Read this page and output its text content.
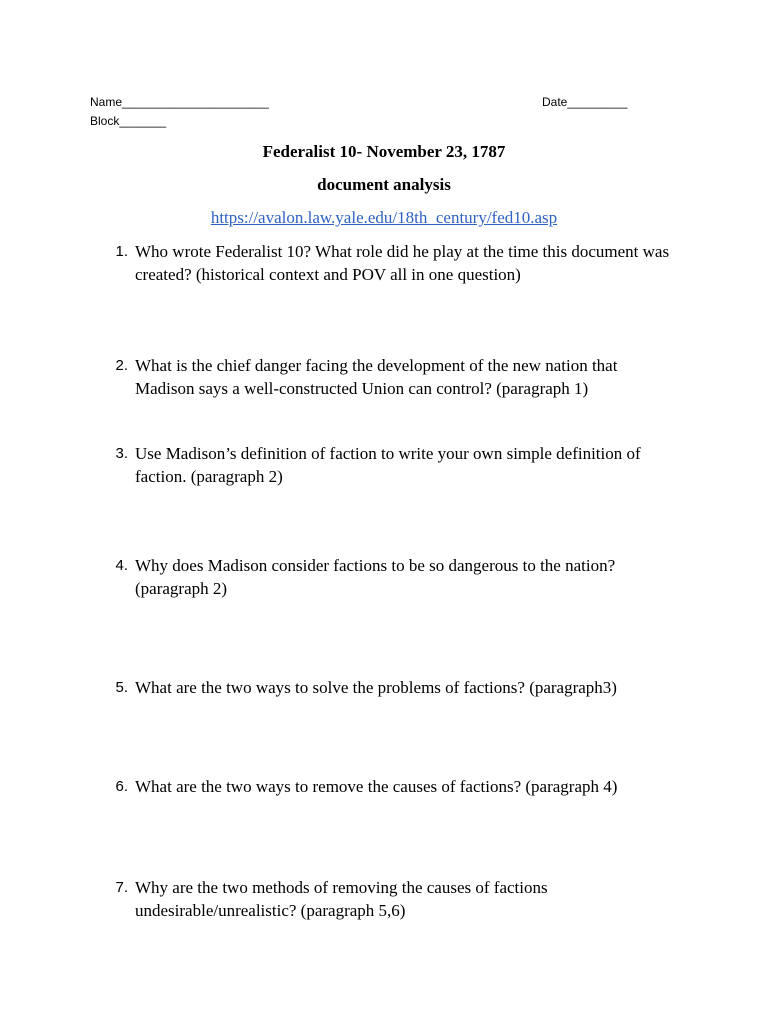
Name______________________	Date_________
Block_______
Federalist 10- November 23, 1787
document analysis
https://avalon.law.yale.edu/18th_century/fed10.asp
1. Who wrote Federalist 10? What role did he play at the time this document was created? (historical context and POV all in one question)
2. What is the chief danger facing the development of the new nation that Madison says a well-constructed Union can control? (paragraph 1)
3. Use Madison’s definition of faction to write your own simple definition of faction. (paragraph 2)
4. Why does Madison consider factions to be so dangerous to the nation? (paragraph 2)
5. What are the two ways to solve the problems of factions? (paragraph3)
6. What are the two ways to remove the causes of factions? (paragraph 4)
7. Why are the two methods of removing the causes of factions undesirable/unrealistic? (paragraph 5,6)
